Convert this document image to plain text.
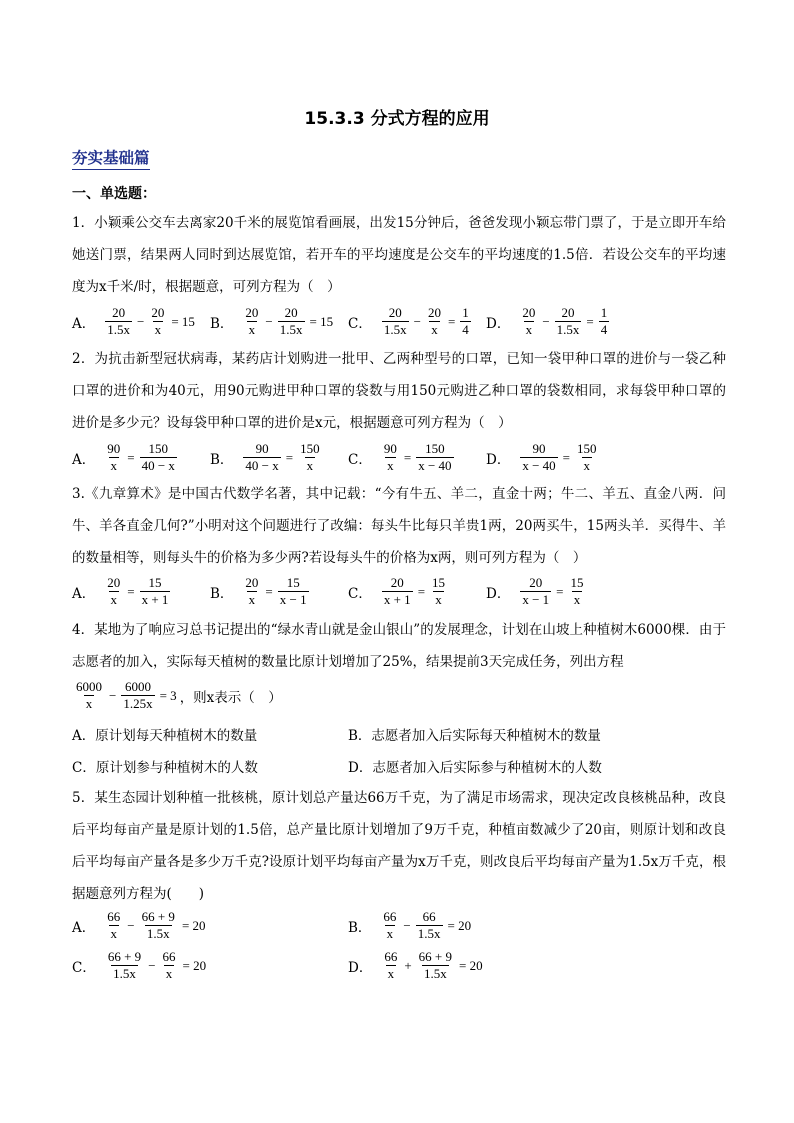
15.3.3 分式方程的应用
夯实基础篇
一、单选题：
1．小颖乘公交车去离家20千米的展览馆看画展，出发15分钟后，爸爸发现小颖忘带门票了，于是立即开车给她送门票，结果两人同时到达展览馆，若开车的平均速度是公交车的平均速度的1.5倍．若设公交车的平均速度为x千米/时，根据题意，可列方程为（　）
A． $\frac{20}{1.5x} - \frac{20}{x} = 15$ B． $\frac{20}{x} - \frac{20}{1.5x} = 15$ C． $\frac{20}{1.5x} - \frac{20}{x} = \frac{1}{4}$ D． $\frac{20}{x} - \frac{20}{1.5x} = \frac{1}{4}$
2．为抗击新型冠状病毒，某药店计划购进一批甲、乙两种型号的口罩，已知一袋甲种口罩的进价与一袋乙种口罩的进价和为40元，用90元购进甲种口罩的袋数与用150元购进乙种口罩的袋数相同，求每袋甲种口罩的进价是多少元？设每袋甲种口罩的进价是x元，根据题意可列方程为（　）
A． $\frac{90}{x} = \frac{150}{40 - x}$ B． $\frac{90}{40 - x} = \frac{150}{x}$ C． $\frac{90}{x} = \frac{150}{x - 40}$ D． $\frac{90}{x - 40} = \frac{150}{x}$
3.《九章算术》是中国古代数学名著，其中记载：“今有牛五、羊二，直金十两；牛二、羊五、直金八两．问牛、羊各直金几何?”小明对这个问题进行了改编：每头牛比每只羊贵1两，20两买牛，15两头羊．买得牛、羊的数量相等，则每头牛的价格为多少两?若设每头牛的价格为x两，则可列方程为（　）
A． $\frac{20}{x} = \frac{15}{x + 1}$	B． $\frac{20}{x} = \frac{15}{x - 1}$	C． $\frac{20}{x + 1} = \frac{15}{x}$	D． $\frac{20}{x - 1} = \frac{15}{x}$
4．某地为了响应习总书记提出的“绿水青山就是金山银山”的发展理念，计划在山坡上种植树木6000棵．由于志愿者的加入，实际每天植树的数量比原计划增加了25%，结果提前3天完成任务，列出方程
$\frac{6000}{x} - \frac{6000}{1.25x} = 3$ ，则x表示（　）
A．原计划每天种植树木的数量	B．志愿者加入后实际每天种植树木的数量
C．原计划参与种植树木的人数	D．志愿者加入后实际参与种植树木的人数
5．某生态园计划种植一批核桃，原计划总产量达66万千克，为了满足市场需求，现决定改良核桃品种，改良后平均每亩产量是原计划的1.5倍，总产量比原计划增加了9万千克，种植亩数减少了20亩，则原计划和改良后平均每亩产量各是多少万千克?设原计划平均每亩产量为x万千克，则改良后平均每亩产量为1.5x万千克，根据题意列方程为(　　)
A． $\frac{66}{x} - \frac{66 + 9}{1.5x} = 20$	B． $\frac{66}{x} - \frac{66}{1.5x} = 20$
C． $\frac{66 + 9}{1.5x} - \frac{66}{x} = 20$	D． $\frac{66}{x} + \frac{66 + 9}{1.5x} = 20$
